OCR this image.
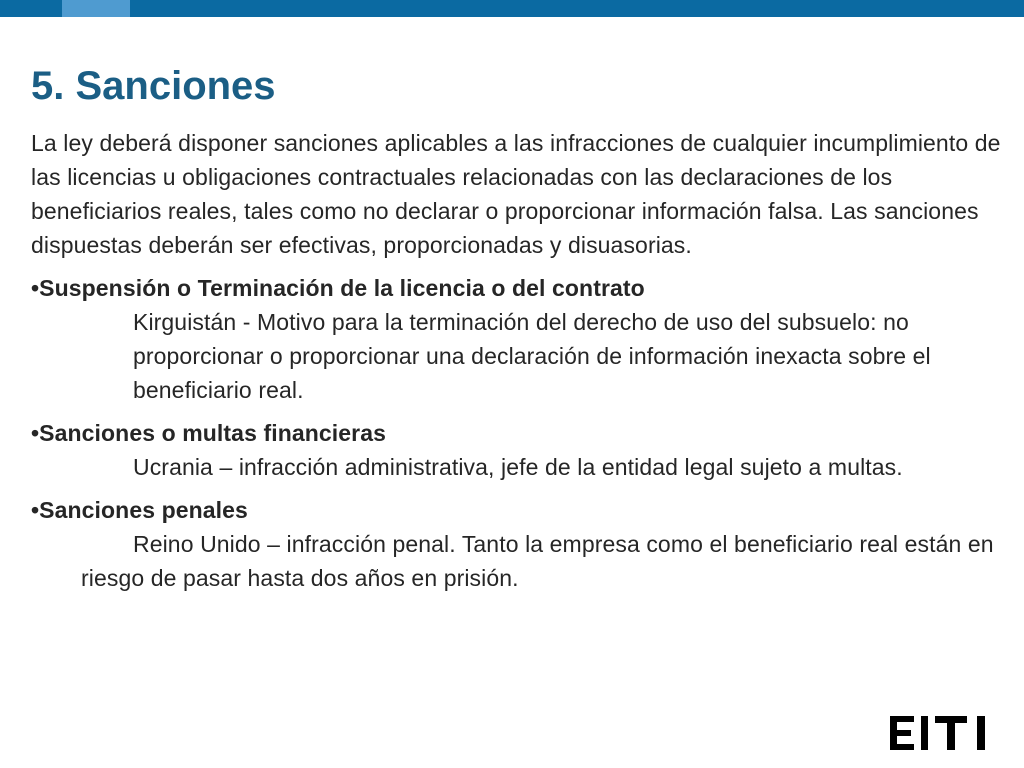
5. Sanciones

La ley deberá disponer sanciones aplicables a las infracciones de cualquier incumplimiento de las licencias u obligaciones contractuales relacionadas con las declaraciones de los beneficiarios reales, tales como no declarar o proporcionar información falsa. Las sanciones dispuestas deberán ser efectivas, proporcionadas y disuasorias.

•Suspensión o Terminación de la licencia o del contrato

Kirguistán - Motivo para la terminación del derecho de uso del subsuelo: no proporcionar o proporcionar una declaración de información inexacta sobre el beneficiario real.

•Sanciones o multas financieras

Ucrania – infracción administrativa, jefe de la entidad legal sujeto a multas.

•Sanciones penales

Reino Unido – infracción penal. Tanto la empresa como el beneficiario real están en riesgo de pasar hasta dos años en prisión.
